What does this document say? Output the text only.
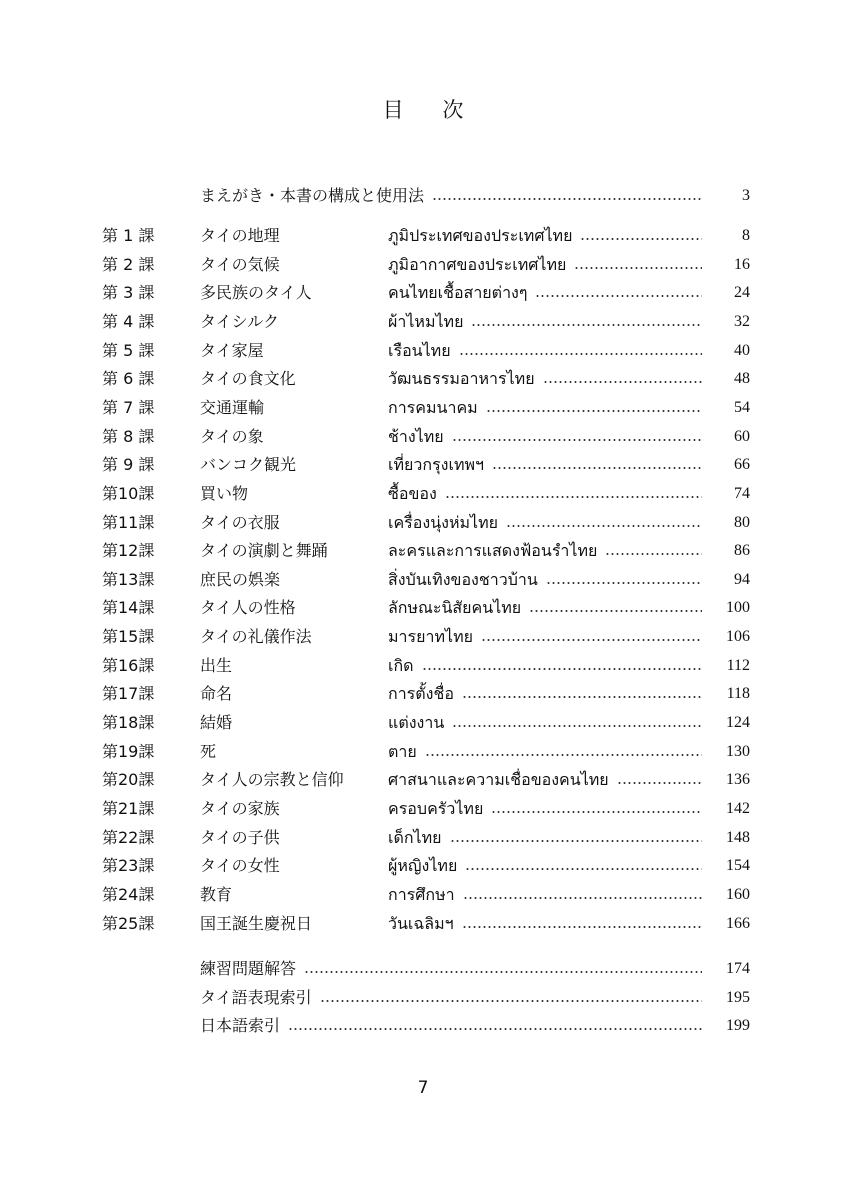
目 次
まえがき・本書の構成と使用法	3
第 1 課	タイの地理	ภูมิประเทศของประเทศไทย	8
第 2 課	タイの気候	ภูมิอากาศของประเทศไทย	16
第 3 課	多民族のタイ人	คนไทยเชื้อสายต่างๆ	24
第 4 課	タイシルク	ผ้าไหมไทย	32
第 5 課	タイ家屋	เรือนไทย	40
第 6 課	タイの食文化	วัฒนธรรมอาหารไทย	48
第 7 課	交通運輸	การคมนาคม	54
第 8 課	タイの象	ช้างไทย	60
第 9 課	バンコク観光	เที่ยวกรุงเทพฯ	66
第10課	買い物	ซื้อของ	74
第11課	タイの衣服	เครื่องนุ่งห่มไทย	80
第12課	タイの演劇と舞踊	ละครและการแสดงฟ้อนรำไทย	86
第13課	庶民の娯楽	สิ่งบันเทิงของชาวบ้าน	94
第14課	タイ人の性格	ลักษณะนิสัยคนไทย	100
第15課	タイの礼儀作法	มารยาทไทย	106
第16課	出生	เกิด	112
第17課	命名	การตั้งชื่อ	118
第18課	結婚	แต่งงาน	124
第19課	死	ตาย	130
第20課	タイ人の宗教と信仰	ศาสนาและความเชื่อของคนไทย	136
第21課	タイの家族	ครอบครัวไทย	142
第22課	タイの子供	เด็กไทย	148
第23課	タイの女性	ผู้หญิงไทย	154
第24課	教育	การศึกษา	160
第25課	国王誕生慶祝日	วันเฉลิมฯ	166
練習問題解答	174
タイ語表現索引	195
日本語索引	199
7
